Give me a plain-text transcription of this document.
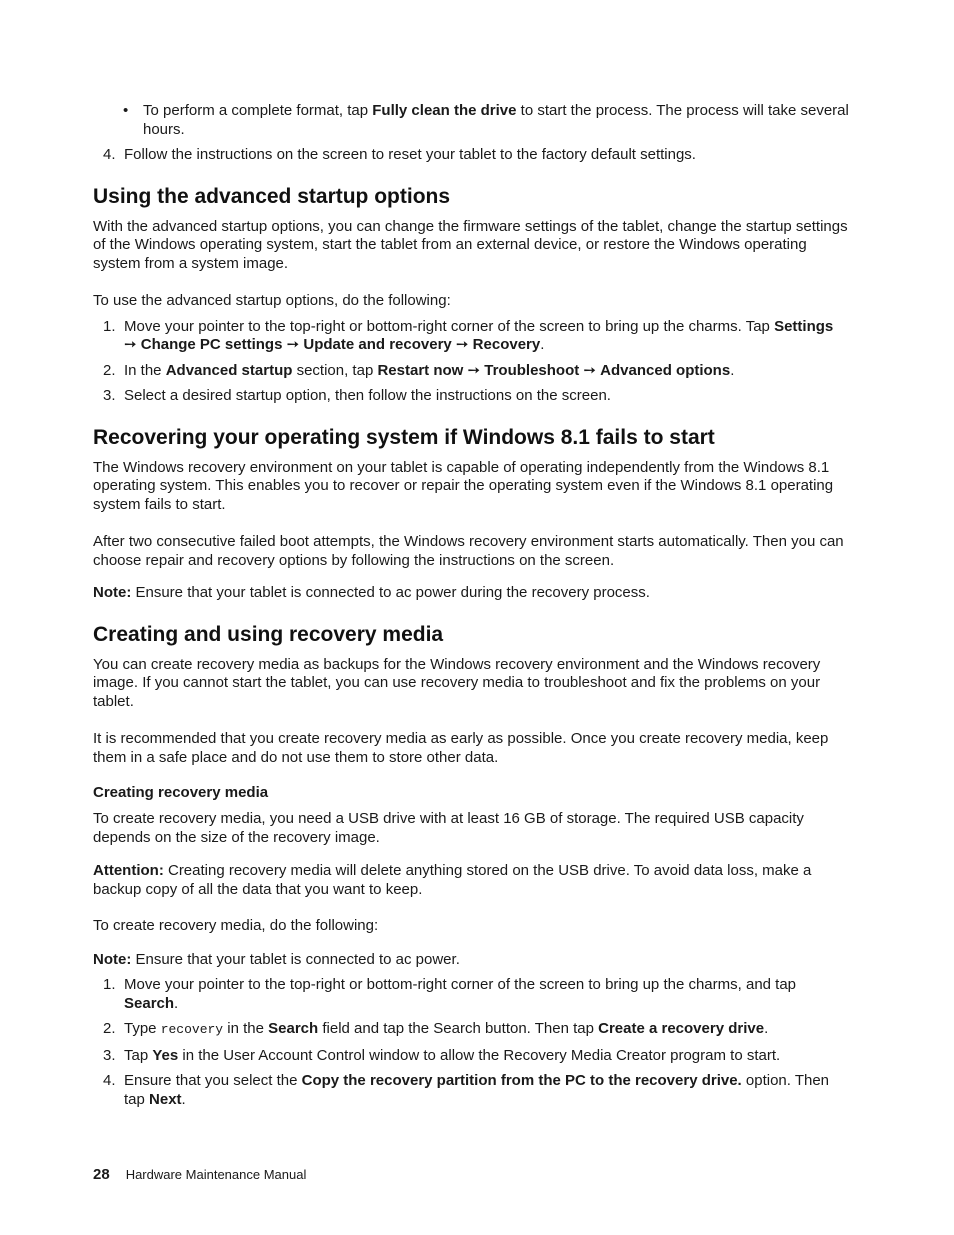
• To perform a complete format, tap Fully clean the drive to start the process. The process will take several hours.
4. Follow the instructions on the screen to reset your tablet to the factory default settings.
Using the advanced startup options

With the advanced startup options, you can change the firmware settings of the tablet, change the startup settings of the Windows operating system, start the tablet from an external device, or restore the Windows operating system from a system image.

To use the advanced startup options, do the following:

1. Move your pointer to the top-right or bottom-right corner of the screen to bring up the charms. Tap Settings ➙ Change PC settings ➙ Update and recovery ➙ Recovery.
2. In the Advanced startup section, tap Restart now ➙ Troubleshoot ➙ Advanced options.
3. Select a desired startup option, then follow the instructions on the screen.
Recovering your operating system if Windows 8.1 fails to start

The Windows recovery environment on your tablet is capable of operating independently from the Windows 8.1 operating system. This enables you to recover or repair the operating system even if the Windows 8.1 operating system fails to start.

After two consecutive failed boot attempts, the Windows recovery environment starts automatically. Then you can choose repair and recovery options by following the instructions on the screen.

Note: Ensure that your tablet is connected to ac power during the recovery process.

Creating and using recovery media

You can create recovery media as backups for the Windows recovery environment and the Windows recovery image. If you cannot start the tablet, you can use recovery media to troubleshoot and fix the problems on your tablet.

It is recommended that you create recovery media as early as possible. Once you create recovery media, keep them in a safe place and do not use them to store other data.

Creating recovery media

To create recovery media, you need a USB drive with at least 16 GB of storage. The required USB capacity depends on the size of the recovery image.

Attention: Creating recovery media will delete anything stored on the USB drive. To avoid data loss, make a backup copy of all the data that you want to keep.

To create recovery media, do the following:

Note: Ensure that your tablet is connected to ac power.

1. Move your pointer to the top-right or bottom-right corner of the screen to bring up the charms, and tap Search.
2. Type recovery in the Search field and tap the Search button. Then tap Create a recovery drive.
3. Tap Yes in the User Account Control window to allow the Recovery Media Creator program to start.
4. Ensure that you select the Copy the recovery partition from the PC to the recovery drive. option. Then tap Next.
28 Hardware Maintenance Manual
